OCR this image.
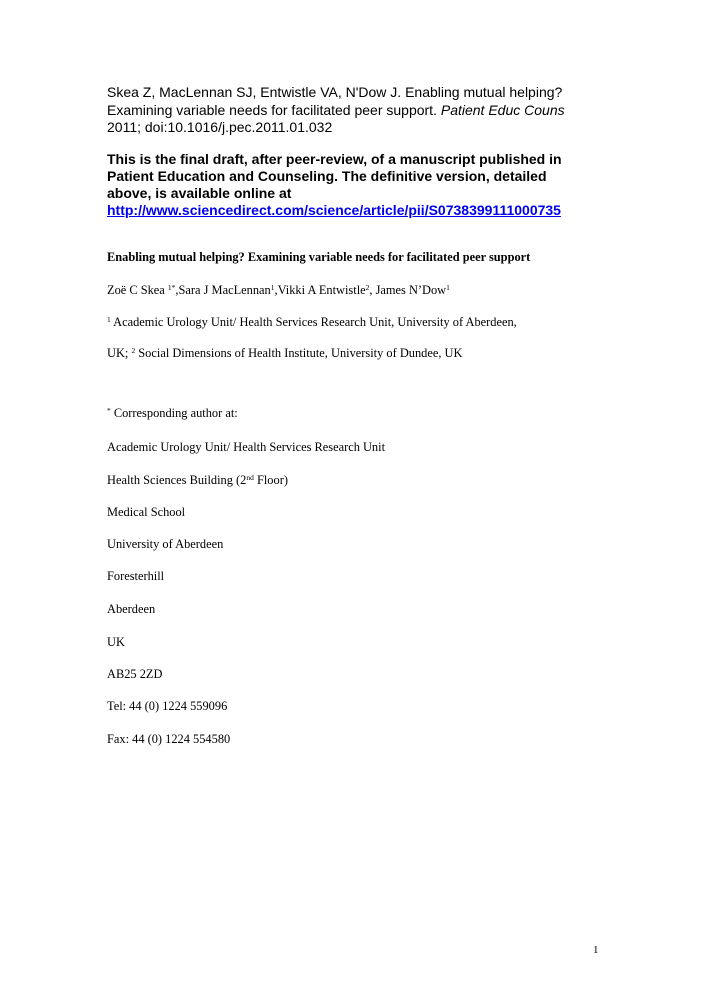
Skea Z, MacLennan SJ, Entwistle VA, N'Dow J. Enabling mutual helping?
Examining variable needs for facilitated peer support. Patient Educ Couns
2011; doi:10.1016/j.pec.2011.01.032
This is the final draft, after peer-review, of a manuscript published in
Patient Education and Counseling. The definitive version, detailed
above, is available online at
http://www.sciencedirect.com/science/article/pii/S0738399111000735
Enabling mutual helping? Examining variable needs for facilitated peer support
Zoë C Skea $^{1*}$,Sara J MacLennan$^1$,Vikki A Entwistle$^2$, James N’Dow$^1$
$^1$ Academic Urology Unit/ Health Services Research Unit, University of Aberdeen,
UK; $^2$ Social Dimensions of Health Institute, University of Dundee, UK
* Corresponding author at:
Academic Urology Unit/ Health Services Research Unit
Health Sciences Building (2nd Floor)
Medical School
University of Aberdeen
Foresterhill
Aberdeen
UK
AB25 2ZD
Tel: 44 (0) 1224 559096
Fax: 44 (0) 1224 554580
1
